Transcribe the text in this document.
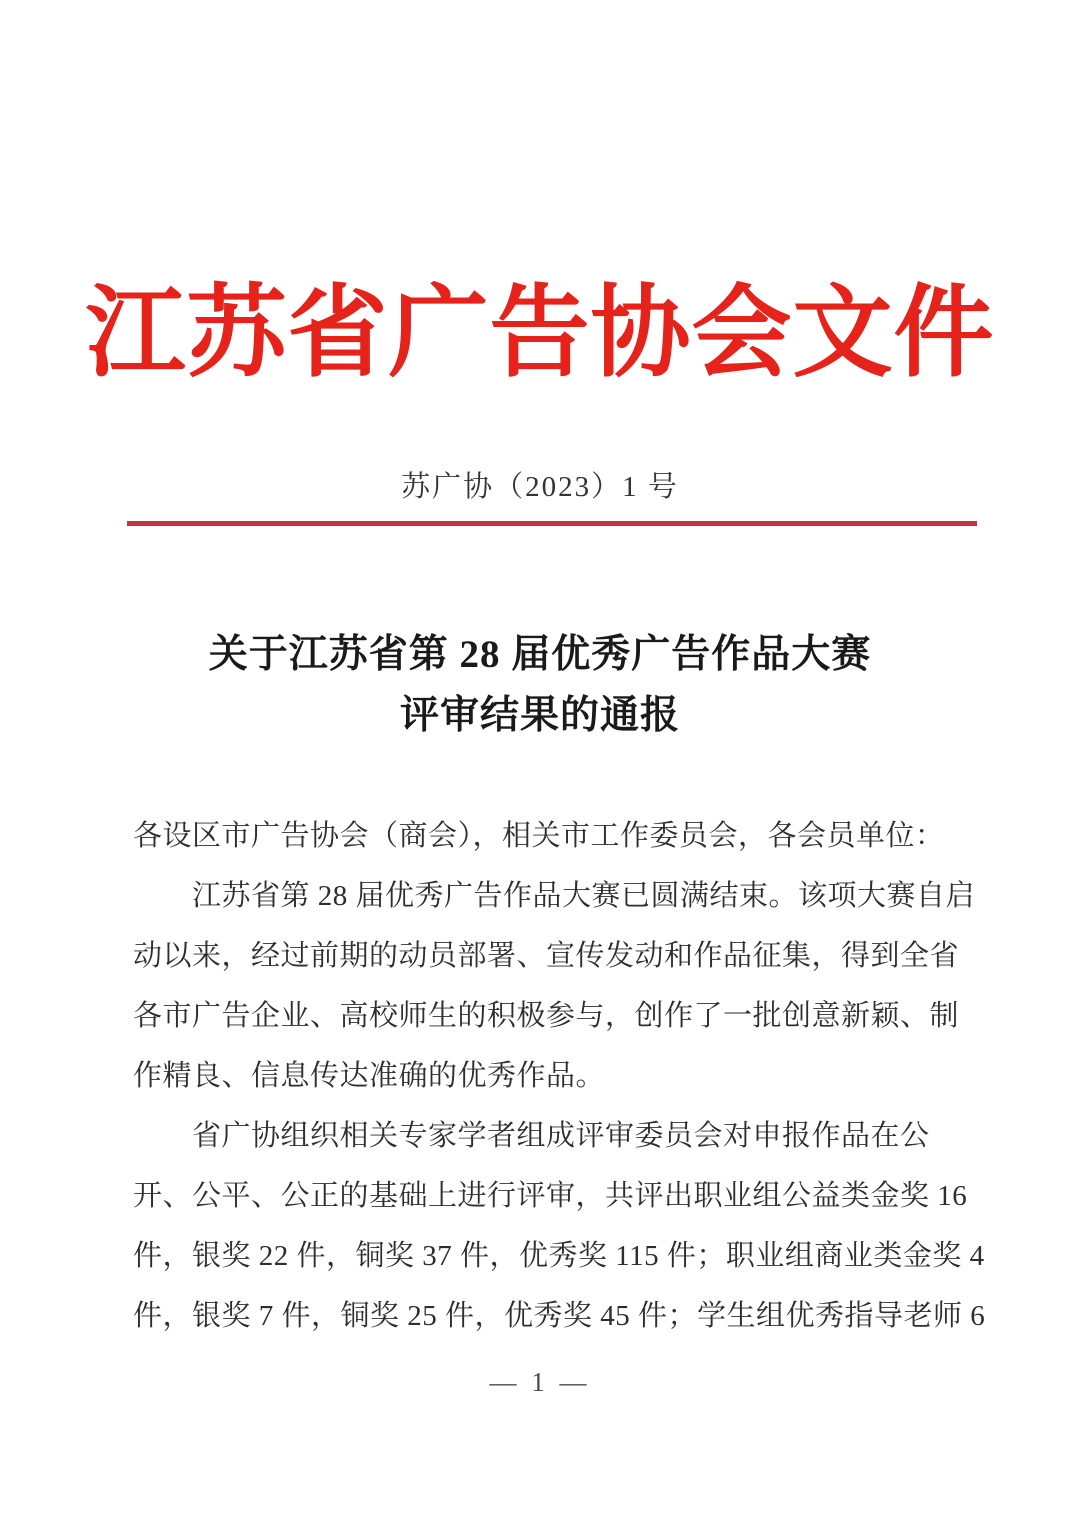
江苏省广告协会文件
苏广协（2023）1 号
关于江苏省第 28 届优秀广告作品大赛
评审结果的通报
各设区市广告协会（商会），相关市工作委员会，各会员单位：
　　江苏省第 28 届优秀广告作品大赛已圆满结束。该项大赛自启
动以来，经过前期的动员部署、宣传发动和作品征集，得到全省
各市广告企业、高校师生的积极参与，创作了一批创意新颖、制
作精良、信息传达准确的优秀作品。
　　省广协组织相关专家学者组成评审委员会对申报作品在公
开、公平、公正的基础上进行评审，共评出职业组公益类金奖 16
件，银奖 22 件，铜奖 37 件，优秀奖 115 件；职业组商业类金奖 4
件，银奖 7 件，铜奖 25 件，优秀奖 45 件；学生组优秀指导老师 6
— 1 —
